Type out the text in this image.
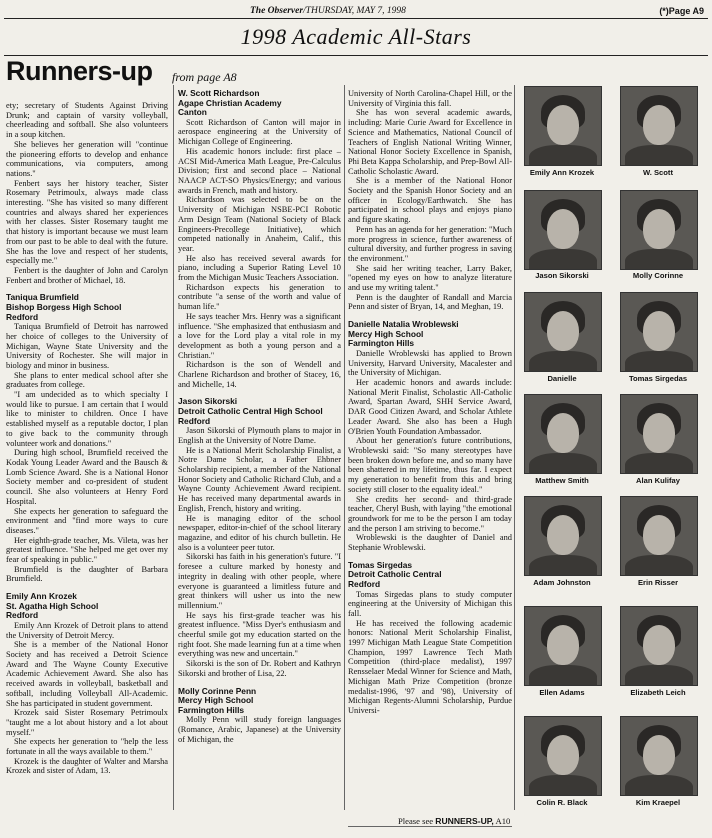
The Observer/THURSDAY, MAY 7, 1998	(*)Page A9
1998 Academic All-Stars
Runners-up from page A8

ety; secretary of Students Against Driving Drunk; and captain of varsity volleyball, cheerleading and softball. She also volunteers in a soup kitchen.

She believes her generation will "continue the pioneering efforts to develop and enhance communications, via computers, among nations."

Fenbert says her history teacher, Sister Rosemary Petrimoulx, always made class interesting. "She has visited so many different countries and always shared her experiences with her classes. Sister Rosemary taught me that history is important because we must learn from our past to be able to deal with the future. She has the love and respect of her students, especially me."

Fenbert is the daughter of John and Carolyn Fenbert and brother of Michael, 18.

Taniqua Brumfield
Bishop Borgess High School
Redford

Taniqua Brumfield of Detroit has narrowed her choice of colleges to the University of Michigan, Wayne State University and the University of Rochester. She will major in biology and minor in business.

She plans to enter medical school after she graduates from college.

"I am undecided as to which specialty I would like to pursue. I am certain that I would like to minister to children. Once I have established myself as a reputable doctor, I plan to give back to the community through volunteer work and donations."

During high school, Brumfield received the Kodak Young Leader Award and the Bausch & Lomb Science Award. She is a National Honor Society member and co-president of student council. She also volunteers at Henry Ford Hospital.

She expects her generation to safeguard the environment and "find more ways to cure diseases."

Her eighth-grade teacher, Ms. Vileta, was her greatest influence. "She helped me get over my fear of speaking in public."

Brumfield is the daughter of Barbara Brumfield.

Emily Ann Krozek
St. Agatha High School
Redford

Emily Ann Krozek of Detroit plans to attend the University of Detroit Mercy.

She is a member of the National Honor Society and has received a Detroit Science Award and The Wayne County Executive Academic Achievement Award. She also has received awards in volleyball, basketball and softball, including Volleyball All-Academic. She has participated in student government.

Krozek said Sister Rosemary Petrimoulx "taught me a lot about history and a lot about myself."

She expects her generation to "help the less fortunate in all the ways available to them."

Krozek is the daughter of Walter and Marsha Krozek and sister of Adam, 13.

W. Scott Richardson
Agape Christian Academy
Canton

Scott Richardson of Canton will major in aerospace engineering at the University of Michigan College of Engineering.

His academic honors include: first place – ACSI Mid-America Math League, Pre-Calculus Division; first and second place – National NAACP ACT-SO Physics/Energy; and various awards in French, math and history.

Richardson was selected to be on the University of Michigan NSBE-PCI Robotic Arm Design Team (National Society of Black Engineers-Precollege Initiative), which competed nationally in Anaheim, Calif., this year.

He also has received several awards for piano, including a Superior Rating Level 10 from the Michigan Music Teachers Association.

Richardson expects his generation to contribute "a sense of the worth and value of human life."

He says teacher Mrs. Henry was a significant influence. "She emphasized that enthusiasm and a love for the Lord play a vital role in my development as both a young person and a Christian."

Richardson is the son of Wendell and Charlene Richardson and brother of Stacey, 16, and Michelle, 14.

Jason Sikorski
Detroit Catholic Central High School
Redford

Jason Sikorski of Plymouth plans to major in English at the University of Notre Dame.

He is a National Merit Scholarship Finalist, a Notre Dame Scholar, a Father Ehbner Scholarship recipient, a member of the National Honor Society and Catholic Richard Club, and a Wayne County Achievement Award recipient. He has received many departmental awards in English, French, history and writing.

He is managing editor of the school newspaper, editor-in-chief of the school literary magazine, and editor of his church bulletin. He also is a volunteer peer tutor.

Sikorski has faith in his generation's future. "I foresee a culture marked by honesty and integrity in dealing with other people, where everyone is guaranteed a limitless future and great thinkers will usher us into the new millennium."

He says his first-grade teacher was his greatest influence. "Miss Dyer's enthusiasm and cheerful smile got my education started on the right foot. She made learning fun at a time when everything was new and uncertain."

Sikorski is the son of Dr. Robert and Kathryn Sikorski and brother of Lisa, 22.

Molly Corinne Penn
Mercy High School
Farmington Hills

Molly Penn will study foreign languages (Romance, Arabic, Japanese) at the University of Michigan, the

University of North Carolina-Chapel Hill, or the University of Virginia this fall.

She has won several academic awards, including: Marie Curie Award for Excellence in Science and Mathematics, National Council of Teachers of English National Writing Winner, National Honor Society Excellence in Spanish, Phi Beta Kappa Scholarship, and Prep-Bowl All-Catholic Scholastic Award.

She is a member of the National Honor Society and the Spanish Honor Society and an officer in Ecology/Earthwatch. She has participated in school plays and enjoys piano and figure skating.

Penn has an agenda for her generation: "Much more progress in science, further awareness of cultural diversity, and further progress in saving the environment."

She said her writing teacher, Larry Baker, "opened my eyes on how to analyze literature and use my writing talent."

Penn is the daughter of Randall and Marcia Penn and sister of Bryan, 14, and Meghan, 19.

Danielle Natalia Wroblewski
Mercy High School
Farmington Hills

Danielle Wroblewski has applied to Brown University, Harvard University, Macalester and the University of Michigan.

Her academic honors and awards include: National Merit Finalist, Scholastic All-Catholic Award, Spartan Award, SHH Service Award, DAR Good Citizen Award, and Scholar Athlete Leader Award. She also has been a Hugh O'Brien Youth Foundation Ambassador.

About her generation's future contributions, Wroblewski said: "So many stereotypes have been broken down before me, and so many have been shattered in my lifetime, thus far. I expect my generation to benefit from this and bring society still closer to the equality ideal."

She credits her second- and third-grade teacher, Cheryl Bush, with laying "the emotional groundwork for me to be the person I am today and the person I am striving to become."

Wroblewski is the daughter of Daniel and Stephanie Wroblewski.

Tomas Sirgedas
Detroit Catholic Central
Redford

Tomas Sirgedas plans to study computer engineering at the University of Michigan this fall.

He has received the following academic honors: National Merit Scholarship Finalist, 1997 Michigan Math League State Competition Champion, 1997 Lawrence Tech Math Competition (third-place medalist), 1997 Rensselaer Medal Winner for Science and Math, Michigan Math Prize Competition (bronze medalist-1996, '97 and '98), University of Michigan Regents-Alumni Scholarship, Purdue Universi-

Please see RUNNERS-UP, A10
Emily Ann Krozek	W. Scott
Jason Sikorski	Molly Corinne
Danielle	Tomas Sirgedas
Matthew Smith	Alan Kulifay
Adam Johnston	Erin Risser
Ellen Adams	Elizabeth Leich
Colin R. Black	Kim Kraepel
